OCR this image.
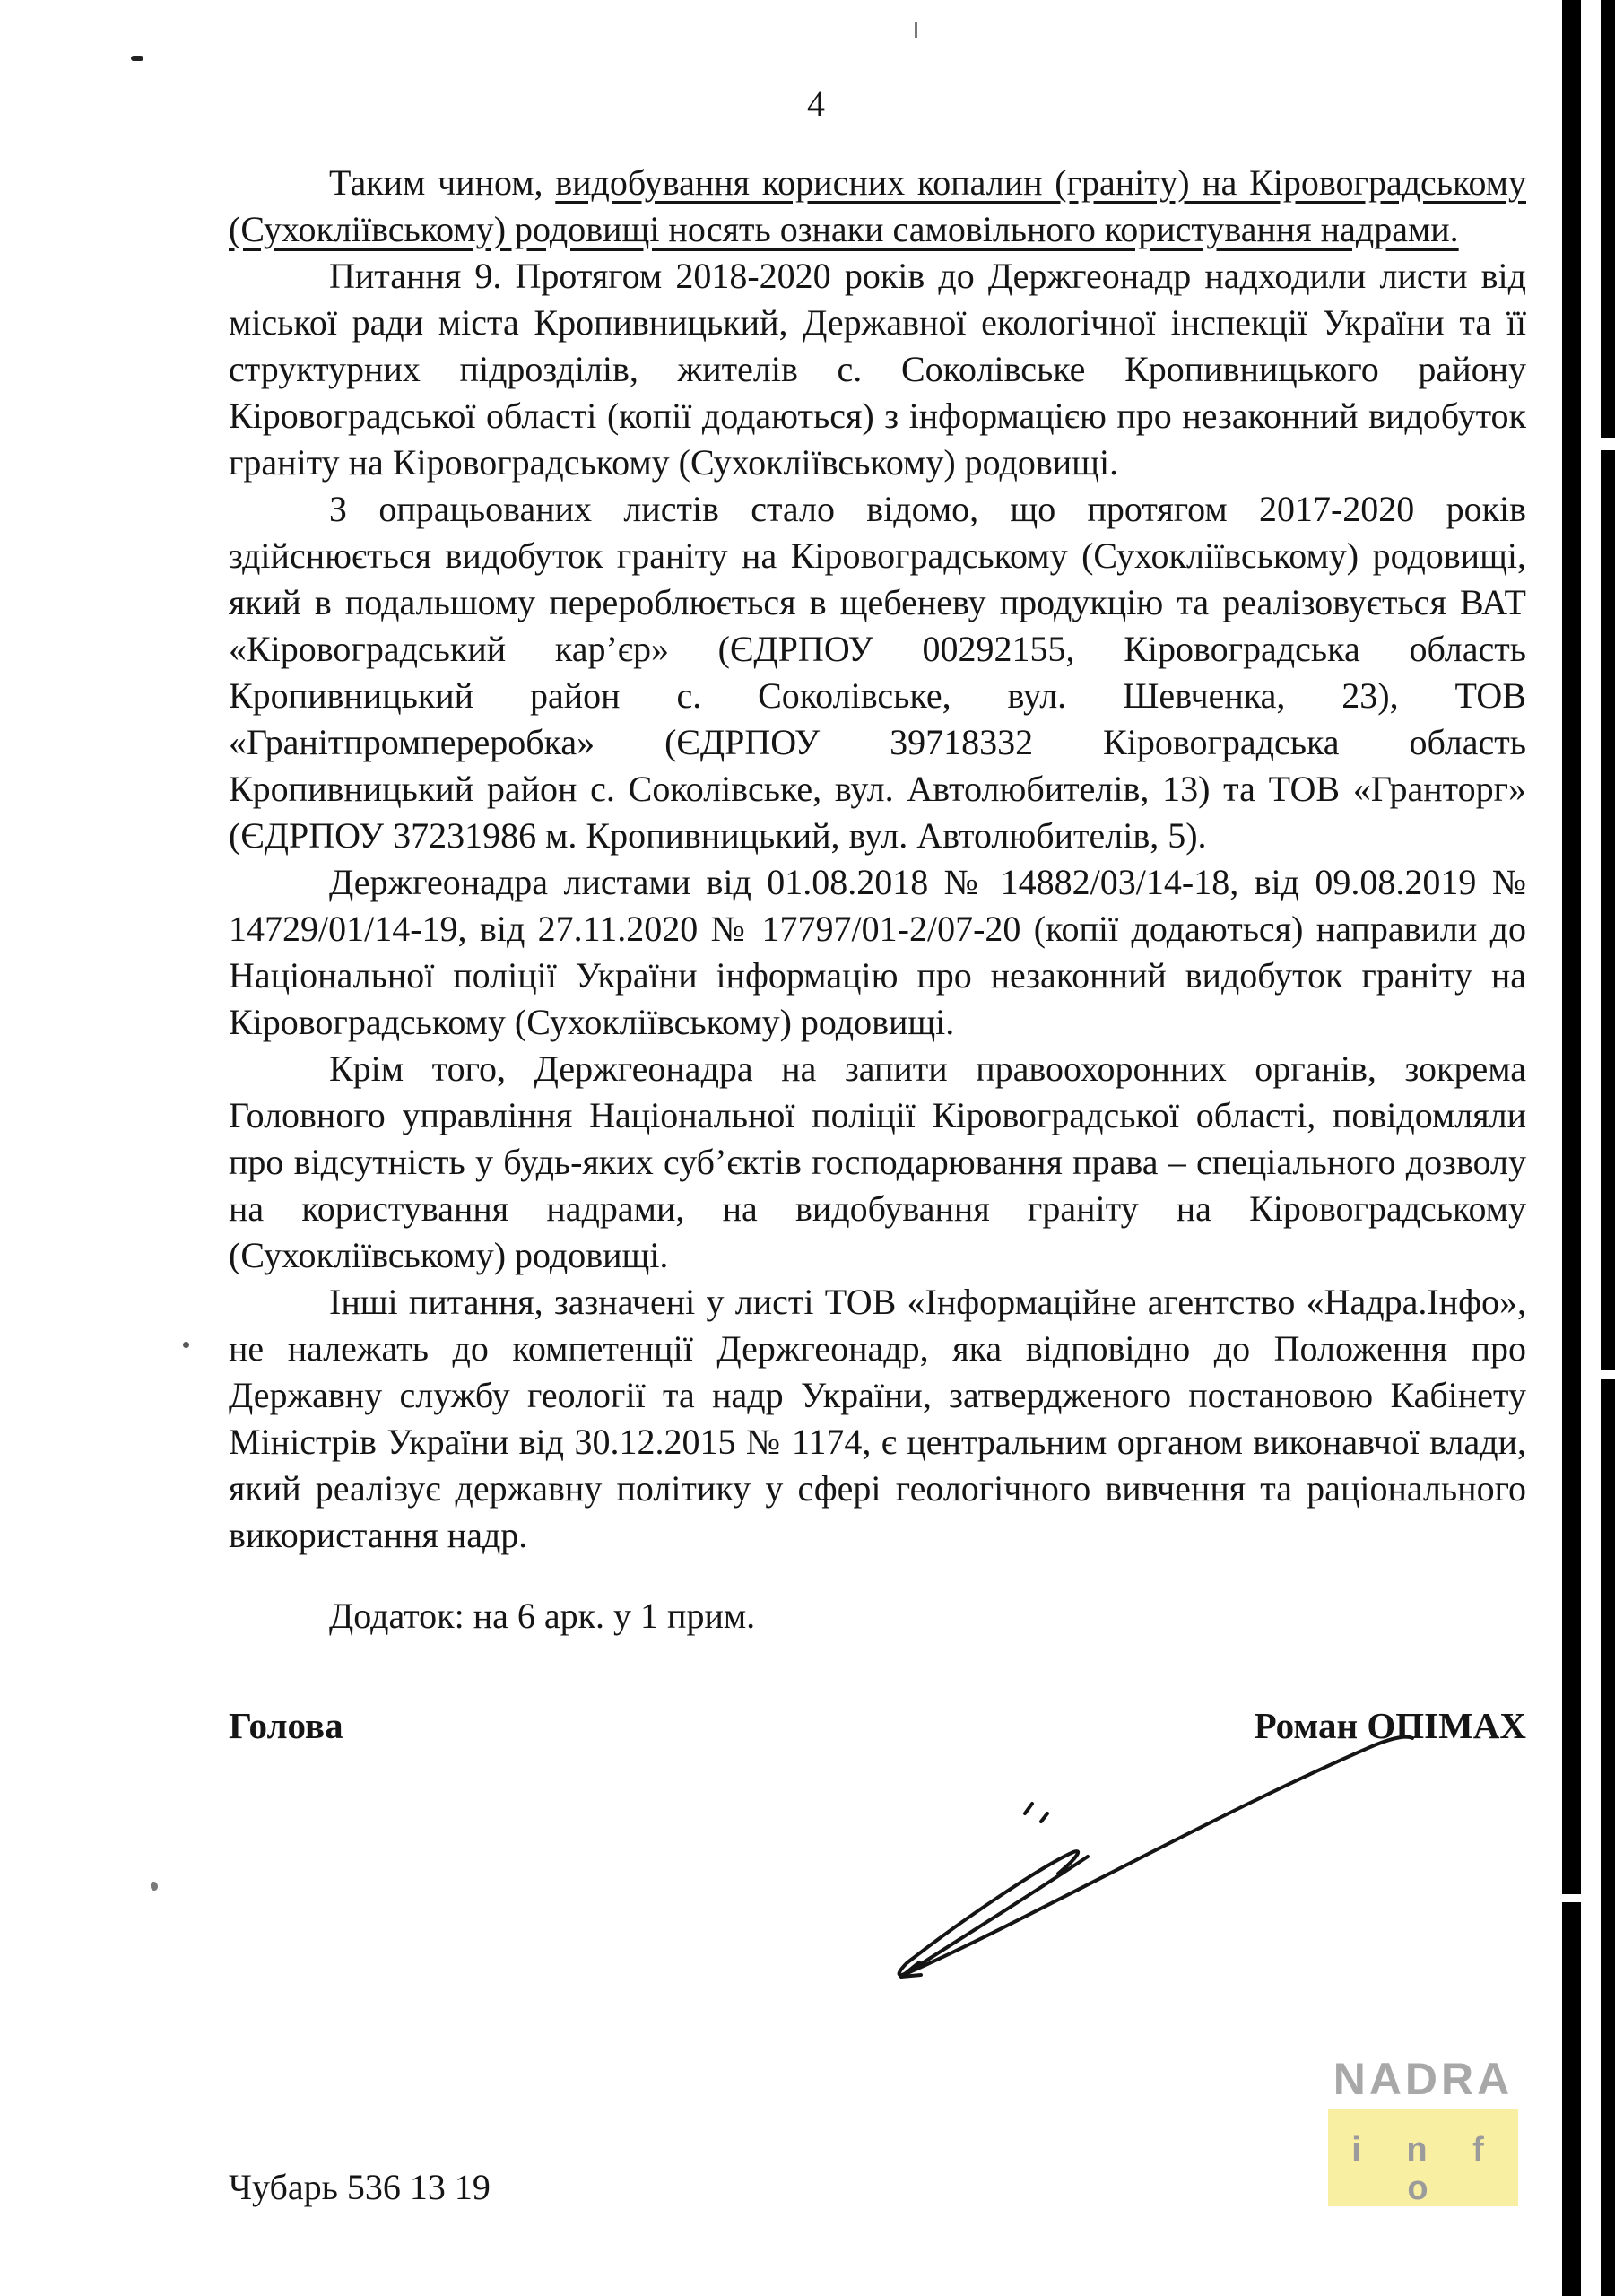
4

Таким чином, видобування корисних копалин (граніту) на Кіровоградському (Сухокліївському) родовищі носять ознаки самовільного користування надрами.

Питання 9. Протягом 2018-2020 років до Держгеонадр надходили листи від міської ради міста Кропивницький, Державної екологічної інспекції України та її структурних підрозділів, жителів с. Соколівське Кропивницького району Кіровоградської області (копії додаються) з інформацією про незаконний видобуток граніту на Кіровоградському (Сухокліївському) родовищі.

З опрацьованих листів стало відомо, що протягом 2017-2020 років здійснюється видобуток граніту на Кіровоградському (Сухокліївському) родовищі, який в подальшому перероблюється в щебеневу продукцію та реалізовується ВАТ «Кіровоградський кар’єр» (ЄДРПОУ 00292155, Кіровоградська область Кропивницький район с. Соколівське, вул. Шевченка, 23), ТОВ «Гранітпромпереробка» (ЄДРПОУ 39718332 Кіровоградська область Кропивницький район с. Соколівське, вул. Автолюбителів, 13) та ТОВ «Гранторг» (ЄДРПОУ 37231986 м. Кропивницький, вул. Автолюбителів, 5).

Держгеонадра листами від 01.08.2018 № 14882/03/14-18, від 09.08.2019 № 14729/01/14-19, від 27.11.2020 № 17797/01-2/07-20 (копії додаються) направили до Національної поліції України інформацію про незаконний видобуток граніту на Кіровоградському (Сухокліївському) родовищі.

Крім того, Держгеонадра на запити правоохоронних органів, зокрема Головного управління Національної поліції Кіровоградської області, повідомляли про відсутність у будь-яких суб’єктів господарювання права – спеціального дозволу на користування надрами, на видобування граніту на Кіровоградському (Сухокліївському) родовищі.

Інші питання, зазначені у листі ТОВ «Інформаційне агентство «Надра.Інфо», не належать до компетенції Держгеонадр, яка відповідно до Положення про Державну службу геології та надр України, затвердженого постановою Кабінету Міністрів України від 30.12.2015 № 1174, є центральним органом виконавчої влади, який реалізує державну політику у сфері геологічного вивчення та раціонального використання надр.

Додаток: на 6 арк. у 1 прим.
Голова	Роман ОПІМАХ
Чубарь 536 13 19
NADRA
i n f o
